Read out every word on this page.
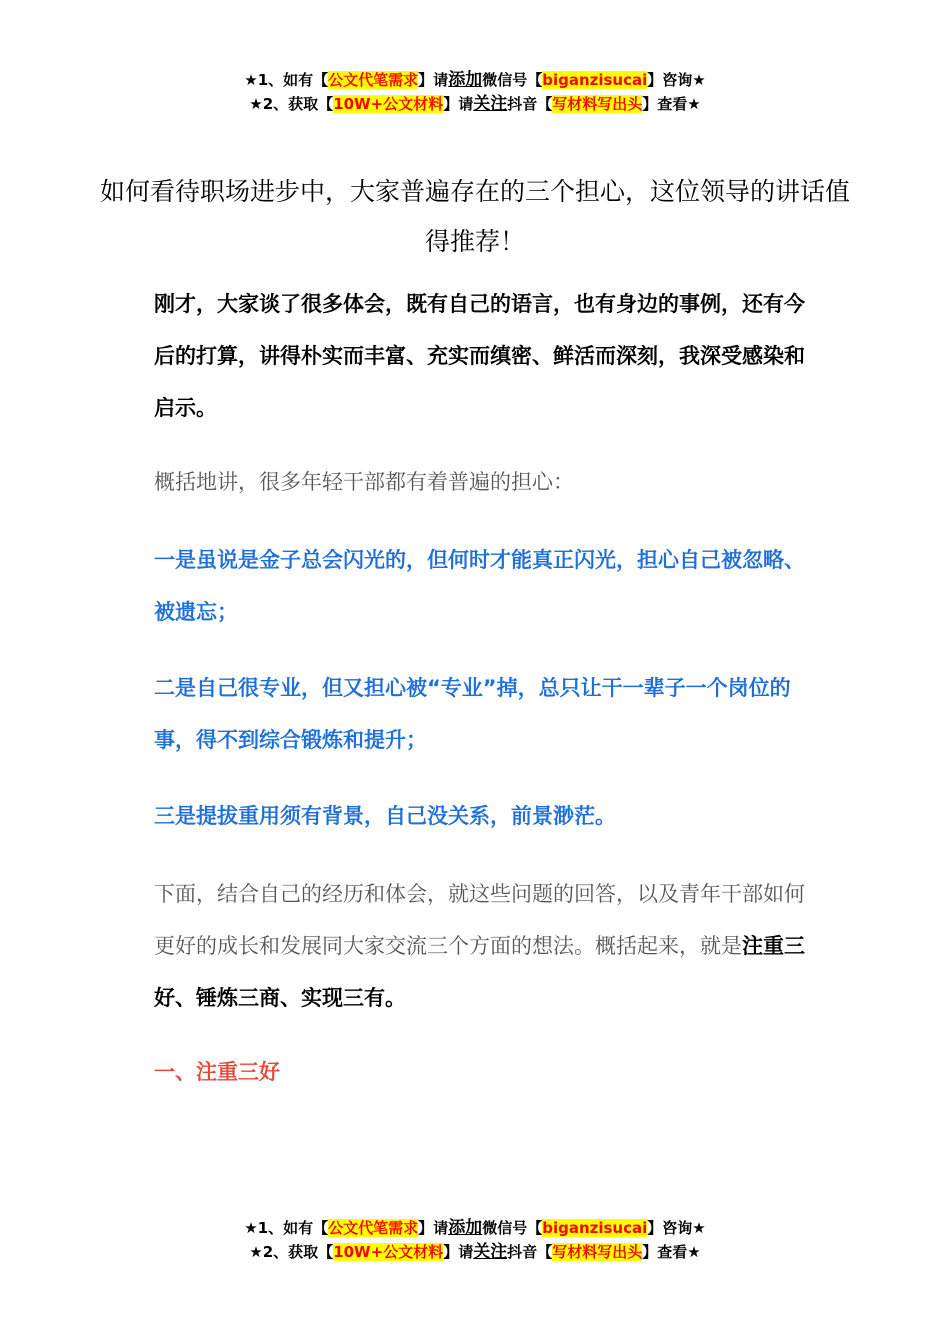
★1、如有【公文代笔需求】请添加微信号【biganzisucai】咨询★
★2、获取【10W+公文材料】请关注抖音【写材料写出头】查看★
如何看待职场进步中，大家普遍存在的三个担心，这位领导的讲话值得推荐！

刚才，大家谈了很多体会，既有自己的语言，也有身边的事例，还有今后的打算，讲得朴实而丰富、充实而缜密、鲜活而深刻，我深受感染和启示。

概括地讲，很多年轻干部都有着普遍的担心：

一是虽说是金子总会闪光的，但何时才能真正闪光，担心自己被忽略、被遗忘；

二是自己很专业，但又担心被“专业”掉，总只让干一辈子一个岗位的事，得不到综合锻炼和提升；

三是提拔重用须有背景，自己没关系，前景渺茫。

下面，结合自己的经历和体会，就这些问题的回答，以及青年干部如何更好的成长和发展同大家交流三个方面的想法。概括起来，就是注重三好、锤炼三商、实现三有。

一、注重三好

★1、如有【公文代笔需求】请添加微信号【biganzisucai】咨询★
★2、获取【10W+公文材料】请关注抖音【写材料写出头】查看★
